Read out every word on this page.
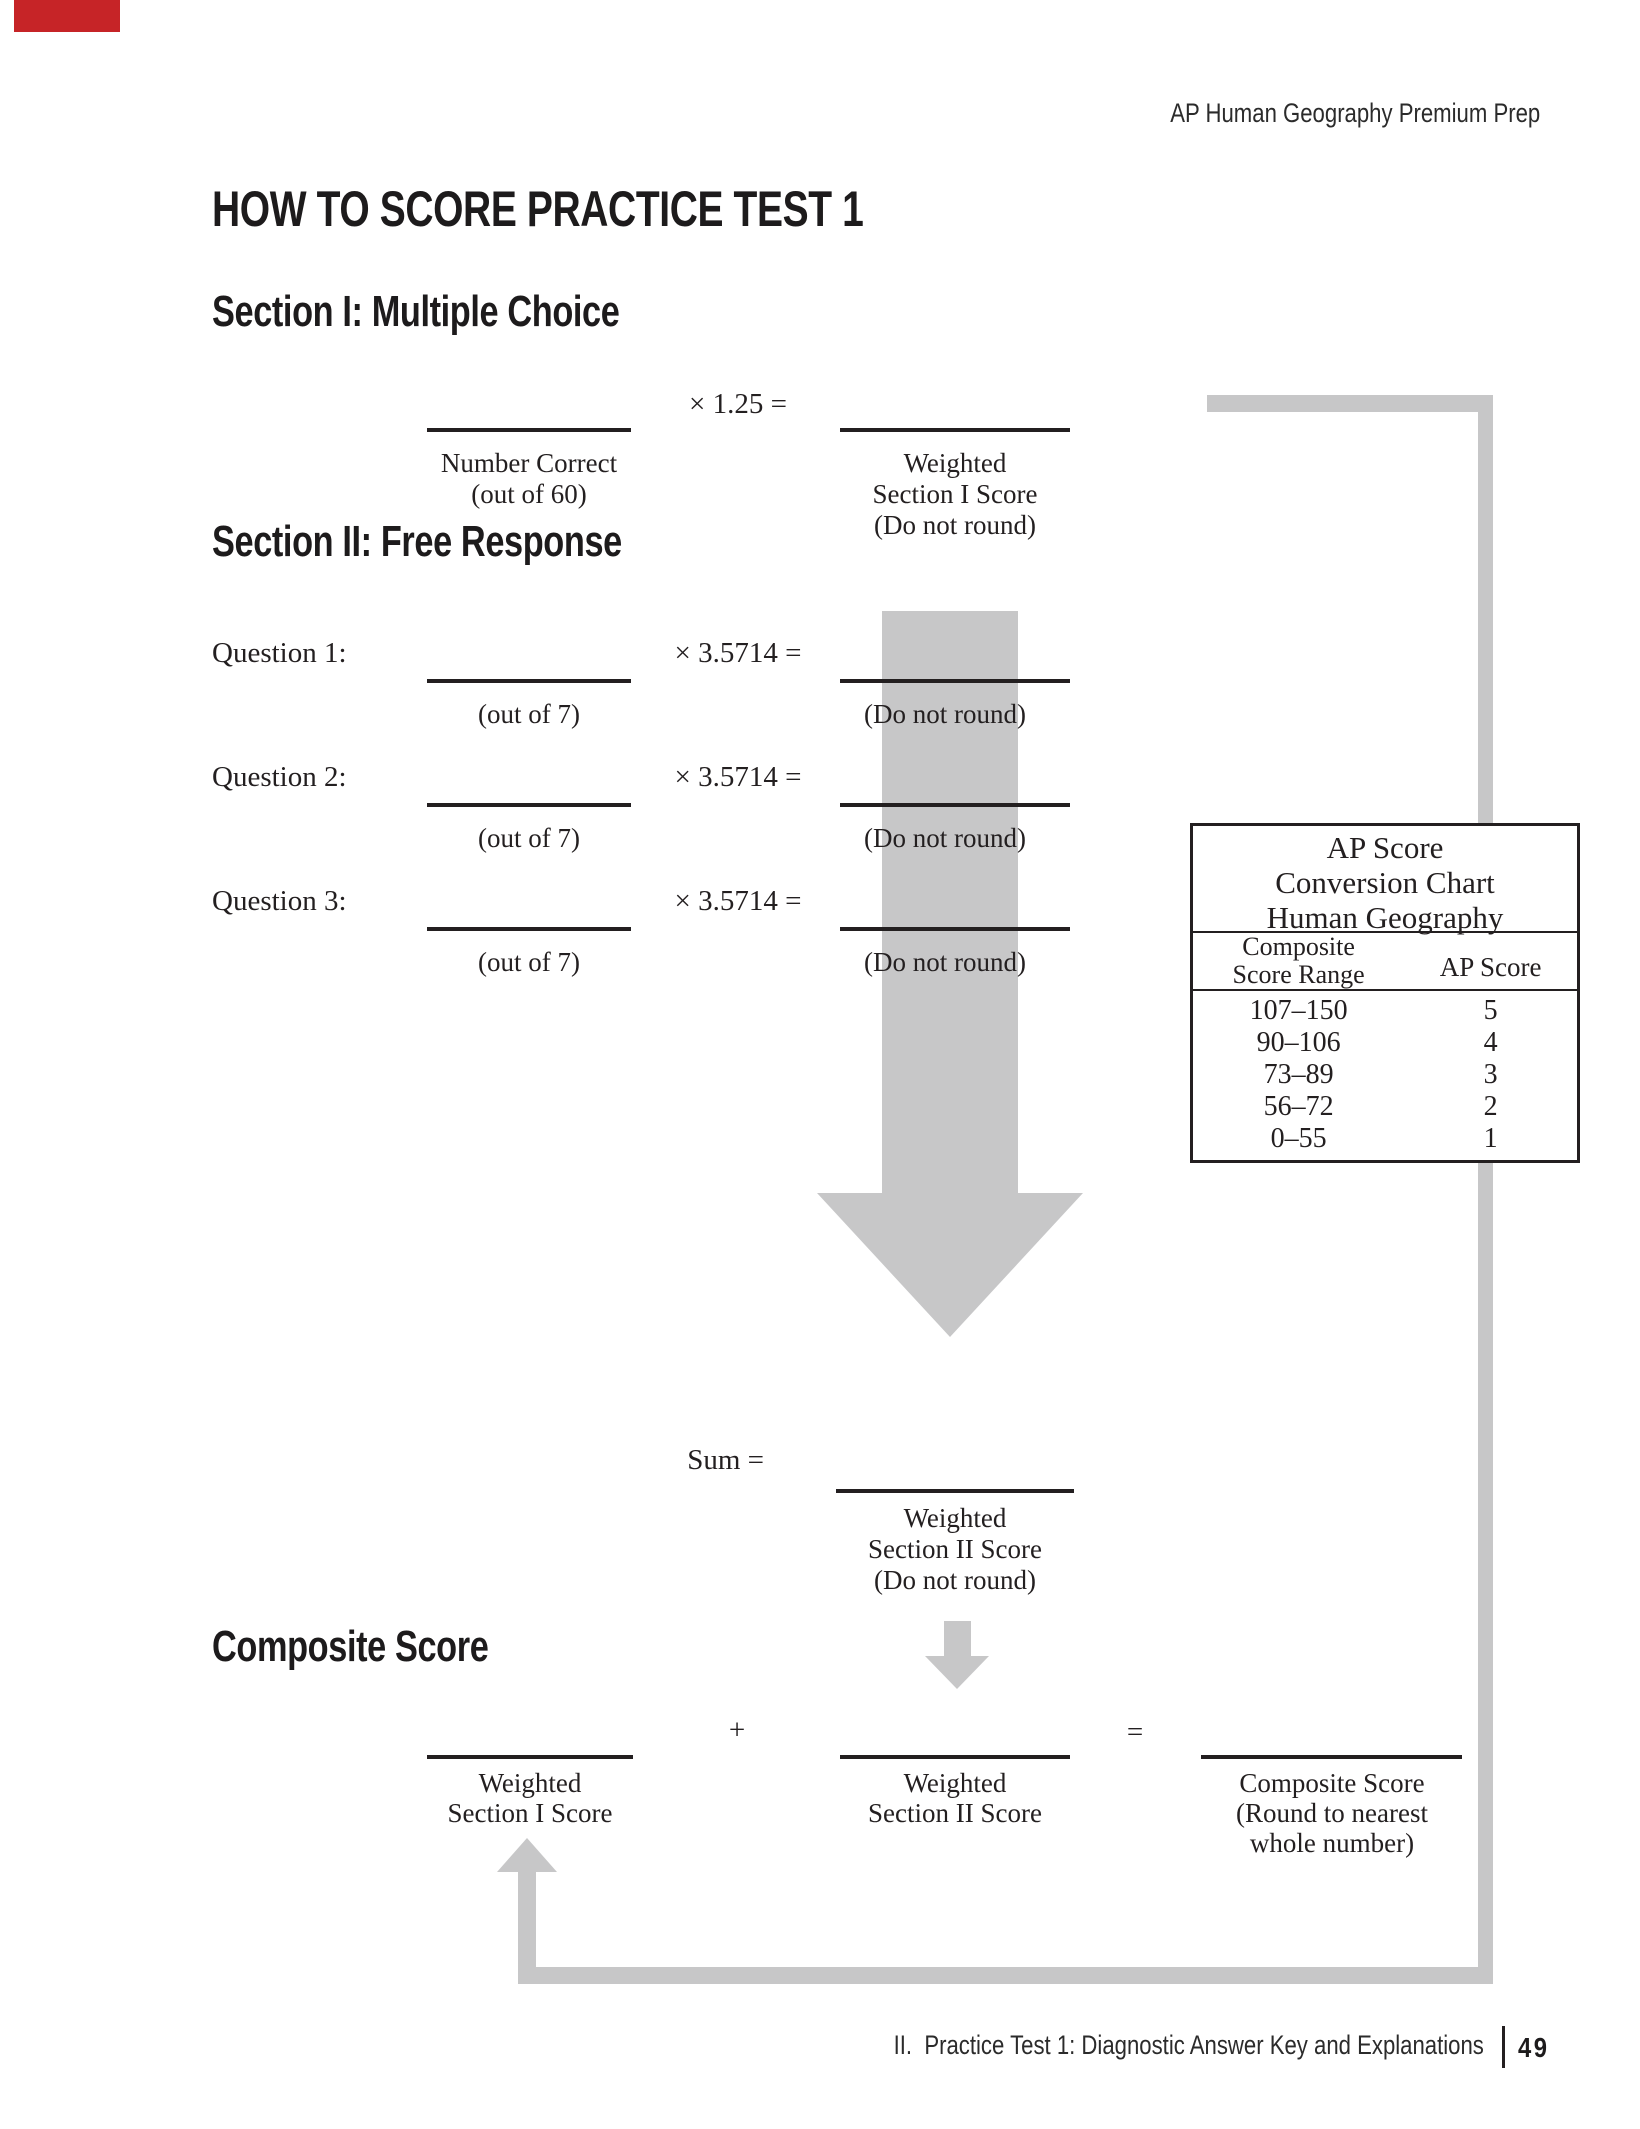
AP Human Geography Premium Prep
HOW TO SCORE PRACTICE TEST 1
Section I: Multiple Choice
Section II: Free Response
Composite Score
× 1.25 =
Number Correct
(out of 60)
Weighted
Section I Score
(Do not round)
Question 1:	× 3.5714 =
(out of 7)	(Do not round)
Question 2:	× 3.5714 =
(out of 7)	(Do not round)
Question 3:	× 3.5714 =
(out of 7)	(Do not round)
AP Score
Conversion Chart
Human Geography
Composite
Score Range	AP Score
107–150	5
90–106	4
73–89	3
56–72	2
0–55	1
Sum =
Weighted
Section II Score
(Do not round)
+	=
Weighted
Section I Score
Weighted
Section II Score
Composite Score
(Round to nearest
whole number)
II.  Practice Test 1: Diagnostic Answer Key and Explanations 49
